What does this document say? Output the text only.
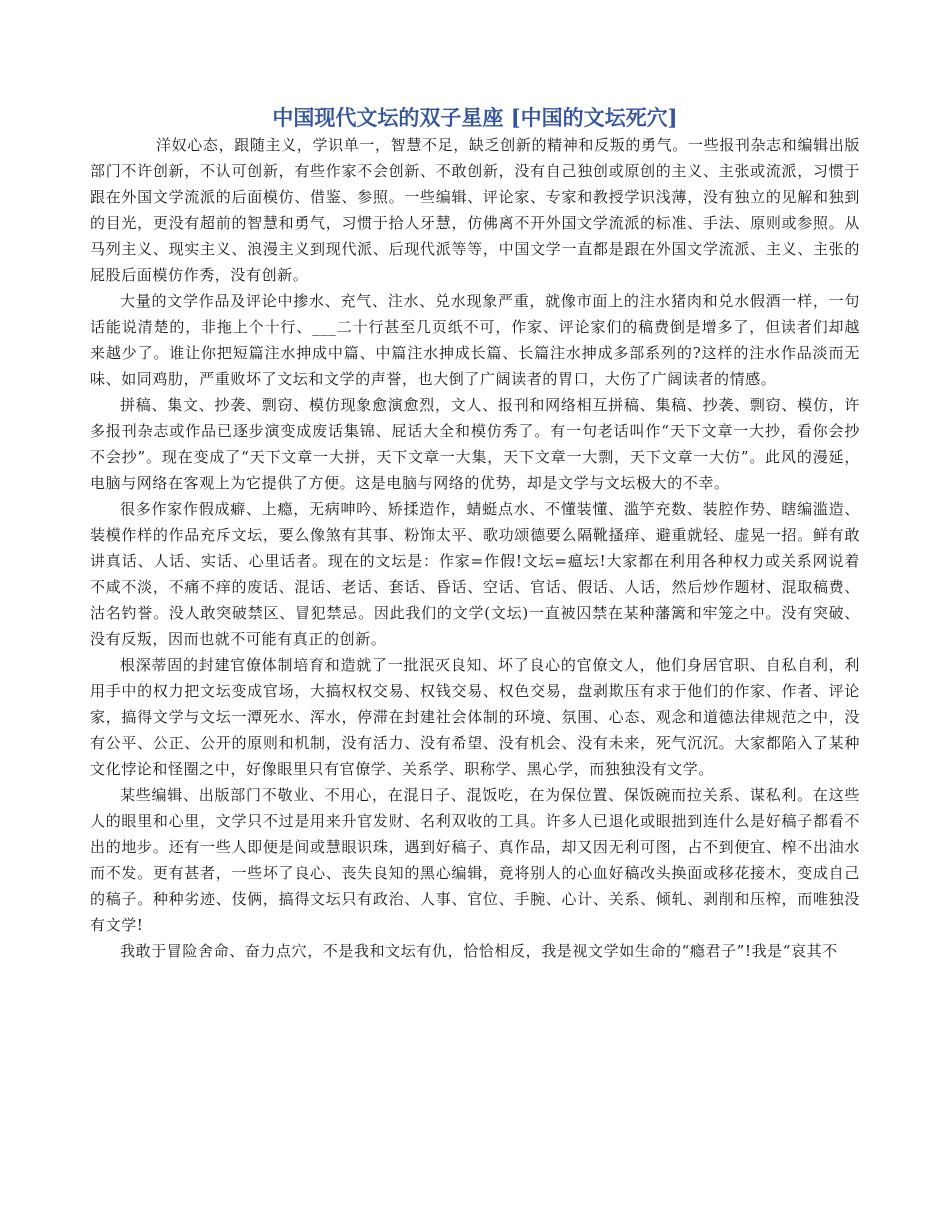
中国现代文坛的双子星座 [中国的文坛死穴]

洋奴心态，跟随主义，学识单一，智慧不足，缺乏创新的精神和反叛的勇气。一些报刊杂志和编辑出版部门不许创新，不认可创新，有些作家不会创新、不敢创新，没有自己独创或原创的主义、主张或流派，习惯于跟在外国文学流派的后面模仿、借鉴、参照。一些编辑、评论家、专家和教授学识浅薄，没有独立的见解和独到的目光，更没有超前的智慧和勇气，习惯于拾人牙慧，仿佛离不开外国文学流派的标准、手法、原则或参照。从马列主义、现实主义、浪漫主义到现代派、后现代派等等，中国文学一直都是跟在外国文学流派、主义、主张的屁股后面模仿作秀，没有创新。

大量的文学作品及评论中掺水、充气、注水、兑水现象严重，就像市面上的注水猪肉和兑水假酒一样，一句话能说清楚的，非拖上个十行、___二十行甚至几页纸不可，作家、评论家们的稿费倒是增多了，但读者们却越来越少了。谁让你把短篇注水抻成中篇、中篇注水抻成长篇、长篇注水抻成多部系列的?这样的注水作品淡而无味、如同鸡肋，严重败坏了文坛和文学的声誉，也大倒了广阔读者的胃口，大伤了广阔读者的情感。

拼稿、集文、抄袭、剽窃、模仿现象愈演愈烈，文人、报刊和网络相互拼稿、集稿、抄袭、剽窃、模仿，许多报刊杂志或作品已逐步演变成废话集锦、屁话大全和模仿秀了。有一句老话叫作“天下文章一大抄，看你会抄不会抄”。现在变成了“天下文章一大拼，天下文章一大集，天下文章一大剽，天下文章一大仿”。此风的漫延，电脑与网络在客观上为它提供了方便。这是电脑与网络的优势，却是文学与文坛极大的不幸。

很多作家作假成癖、上瘾，无病呻吟、矫揉造作，蜻蜓点水、不懂装懂、滥竽充数、装腔作势、瞎编滥造、装模作样的作品充斥文坛，要么像煞有其事、粉饰太平、歌功颂德要么隔靴搔痒、避重就轻、虚晃一招。鲜有敢讲真话、人话、实话、心里话者。现在的文坛是：作家=作假!文坛=瘟坛!大家都在利用各种权力或关系网说着不咸不淡，不痛不痒的废话、混话、老话、套话、昏话、空话、官话、假话、人话，然后炒作题材、混取稿费、沽名钓誉。没人敢突破禁区、冒犯禁忌。因此我们的文学(文坛)一直被囚禁在某种藩篱和牢笼之中。没有突破、没有反叛，因而也就不可能有真正的创新。

根深蒂固的封建官僚体制培育和造就了一批泯灭良知、坏了良心的官僚文人，他们身居官职、自私自利，利用手中的权力把文坛变成官场，大搞权权交易、权钱交易、权色交易，盘剥欺压有求于他们的作家、作者、评论家，搞得文学与文坛一潭死水、浑水，停滞在封建社会体制的环境、氛围、心态、观念和道德法律规范之中，没有公平、公正、公开的原则和机制，没有活力、没有希望、没有机会、没有未来，死气沉沉。大家都陷入了某种文化悖论和怪圈之中，好像眼里只有官僚学、关系学、职称学、黑心学，而独独没有文学。

某些编辑、出版部门不敬业、不用心，在混日子、混饭吃，在为保位置、保饭碗而拉关系、谋私利。在这些人的眼里和心里，文学只不过是用来升官发财、名利双收的工具。许多人已退化或眼拙到连什么是好稿子都看不出的地步。还有一些人即便是间或慧眼识珠，遇到好稿子、真作品，却又因无利可图，占不到便宜、榨不出油水而不发。更有甚者，一些坏了良心、丧失良知的黑心编辑，竟将别人的心血好稿改头换面或移花接木，变成自己的稿子。种种劣迹、伎俩，搞得文坛只有政治、人事、官位、手腕、心计、关系、倾轧、剥削和压榨，而唯独没有文学!

我敢于冒险舍命、奋力点穴，不是我和文坛有仇，恰恰相反，我是视文学如生命的“瘾君子”!我是“哀其不
